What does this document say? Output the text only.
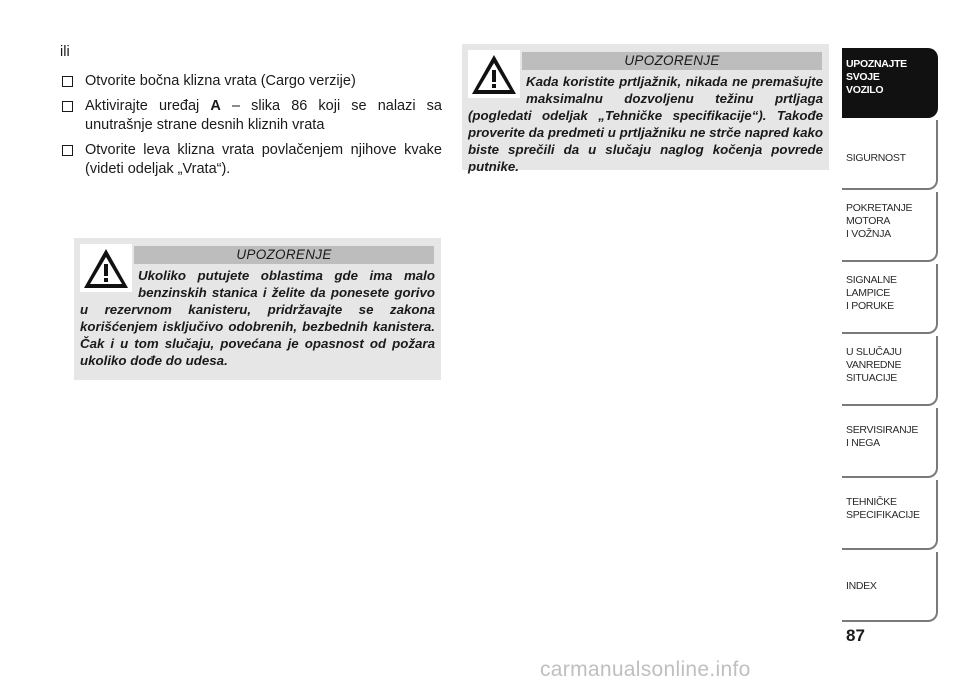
ili
Otvorite bočna klizna vrata (Cargo verzije)
Aktivirajte uređaj A – slika 86 koji se nalazi sa unutrašnje strane desnih kliznih vrata
Otvorite leva klizna vrata povlačenjem njihove kvake (videti odeljak „Vrata“).
UPOZORENJE
Ukoliko putujete oblastima gde ima malo benzinskih stanica i želite da ponesete gorivo u rezervnom kanisteru, pridržavajte se zakona korišćenjem isključivo odobrenih, bezbednih kanistera. Čak i u tom slučaju, povećana je opasnost od požara ukoliko dođe do udesa.
UPOZORENJE
Kada koristite prtljažnik, nikada ne premašujte maksimalnu dozvoljenu težinu prtljaga (pogledati odeljak „Tehničke specifikacije“). Takođe proverite da predmeti u prtljažniku ne strče napred kako biste sprečili da u slučaju naglog kočenja povrede putnike.
UPOZNAJTE
SVOJE
VOZILO
SIGURNOST
POKRETANJE
MOTORA
I VOŽNJA
SIGNALNE
LAMPICE
I PORUKE
U SLUČAJU
VANREDNE
SITUACIJE
SERVISIRANJE
I NEGA
TEHNIČKE
SPECIFIKACIJE
INDEX
87
carmanualsonline.info
